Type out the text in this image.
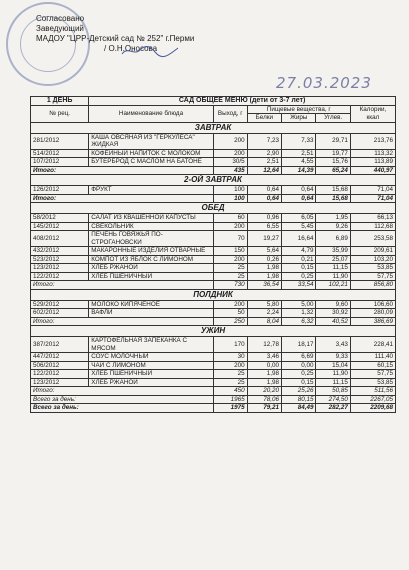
Согласовано
Заведующий
МАДОУ "ЦРР-Детский сад № 252" г.Перми
/ О.Н.Оносова
27.03.2023
1 ДЕНЬ	САД ОБЩЕЕ МЕНЮ (дети от 3-7 лет)					
№ рец.	Наименование блюда	Выход, г	Пищевые вещества, г			Калории, ккал
			Белки	Жиры	Углев.	
ЗАВТРАК						
281/2012	КАША ОВСЯНАЯ ИЗ "ГЕРКУЛЕСА" ЖИДКАЯ	200	7,23	7,33	29,71	213,76
514/2012	КОФЕЙНЫЙ НАПИТОК С МОЛОКОМ	200	2,90	2,51	19,77	113,32
107/2012	БУТЕРБРОД С МАСЛОМ НА БАТОНЕ	30/5	2,51	4,55	15,76	113,89
Итого:		435	12,64	14,39	65,24	440,97
2-ОЙ ЗАВТРАК						
126/2012	ФРУКТ	100	0,64	0,64	15,68	71,04
Итого:		100	0,64	0,64	15,68	71,04
ОБЕД						
58/2012	САЛАТ ИЗ КВАШЕННОЙ КАПУСТЫ	60	0,96	6,05	1,95	66,13
145/2012	СВЕКОЛЬНИК	200	6,55	5,45	9,26	112,68
408/2012	ПЕЧЕНЬ ГОВЯЖЬЯ ПО-СТРОГАНОВСКИ	70	19,27	16,64	6,89	253,58
432/2012	МАКАРОННЫЕ ИЗДЕЛИЯ ОТВАРНЫЕ	150	5,64	4,79	35,99	209,61
523/2012	КОМПОТ ИЗ ЯБЛОК С ЛИМОНОМ	200	0,26	0,21	25,07	103,20
123/2012	ХЛЕБ РЖАНОЙ	25	1,98	0,15	11,15	53,85
122/2012	ХЛЕБ ПШЕНИЧНЫЙ	25	1,98	0,25	11,90	57,75
Итого:		730	36,54	33,54	102,21	856,80
ПОЛДНИК						
529/2012	МОЛОКО КИПЯЧЕНОЕ	200	5,80	5,00	9,60	106,60
602/2012	ВАФЛИ	50	2,24	1,32	30,92	280,09
Итого:		250	8,04	6,32	40,52	386,69
УЖИН						
387/2012	КАРТОФЕЛЬНАЯ ЗАПЕКАНКА С МЯСОМ	170	12,78	18,17	3,43	228,41
447/2012	СОУС МОЛОЧНЫЙ	30	3,46	6,69	9,33	111,40
506/2012	ЧАЙ С ЛИМОНОМ	200	0,00	0,00	15,04	60,15
122/2012	ХЛЕБ ПШЕНИЧНЫЙ	25	1,98	0,25	11,90	57,75
123/2012	ХЛЕБ РЖАНОЙ	25	1,98	0,15	11,15	53,85
Итого:		450	20,20	25,26	50,85	511,56
Всего за день:		1965	78,06	80,15	274,50	2267,05
Всего за день:		1975	79,21	84,49	282,27	2209,68
